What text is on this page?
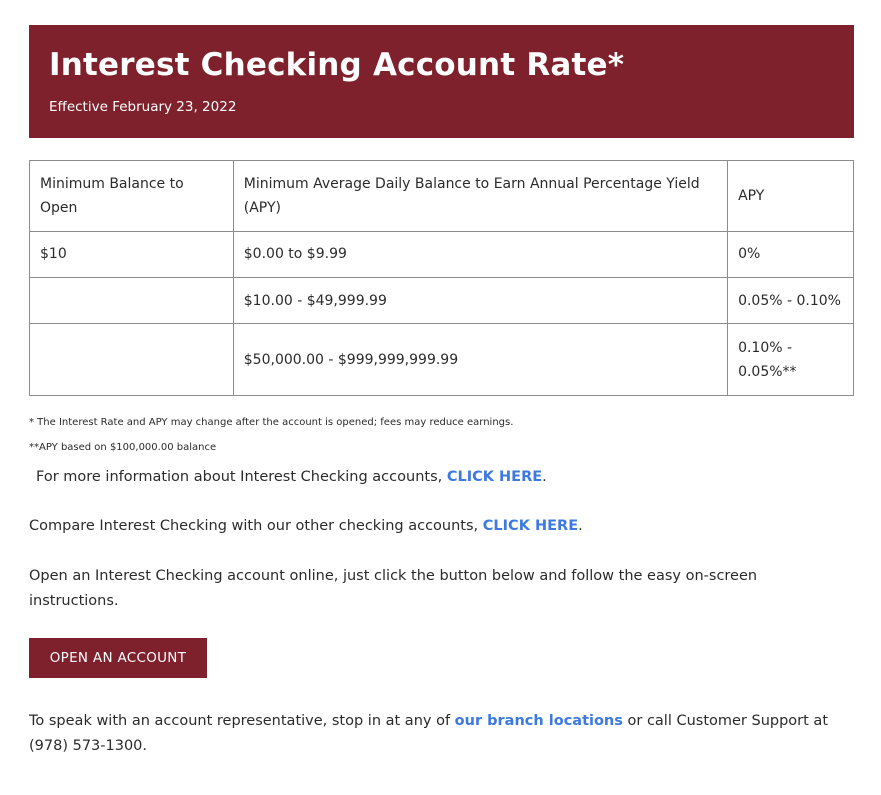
Interest Checking Account Rate*
Effective February 23, 2022
Minimum Balance to Open	Minimum Average Daily Balance to Earn Annual Percentage Yield (APY)	APY
$10	$0.00 to $9.99	0%
	$10.00 - $49,999.99	0.05% - 0.10%
	$50,000.00 - $999,999,999.99	0.10% - 0.05%**
* The Interest Rate and APY may change after the account is opened; fees may reduce earnings.
**APY based on $100,000.00 balance
For more information about Interest Checking accounts, CLICK HERE.
Compare Interest Checking with our other checking accounts, CLICK HERE.
Open an Interest Checking account online, just click the button below and follow the easy on-screen instructions.
OPEN AN ACCOUNT
To speak with an account representative, stop in at any of our branch locations or call Customer Support at (978) 573-1300.
